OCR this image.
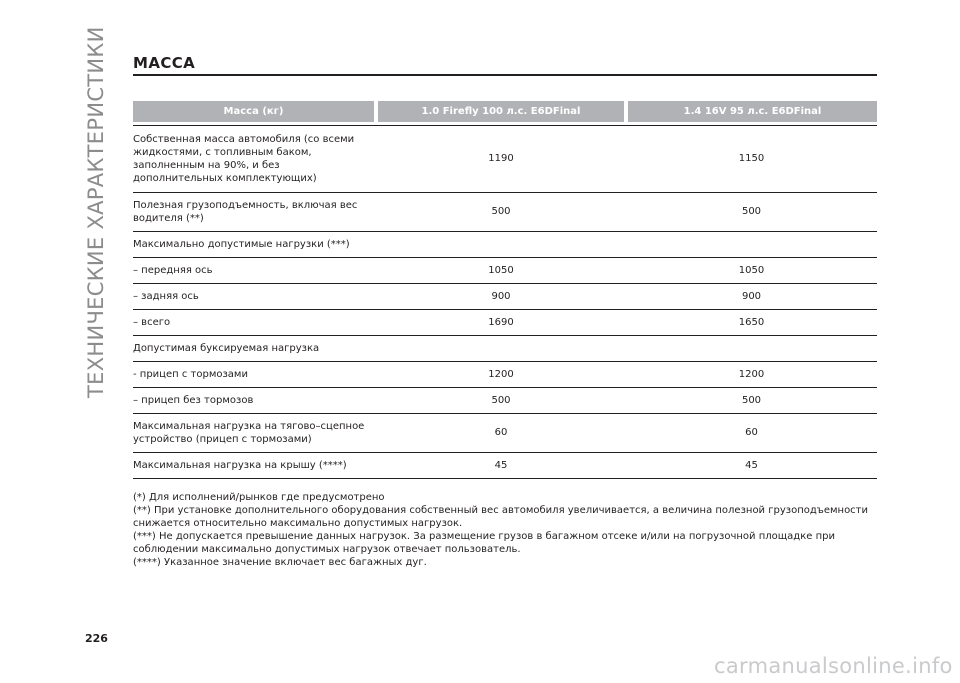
ТЕХНИЧЕСКИЕ ХАРАКТЕРИСТИКИ МАССА
Масса (кг)	1.0 Firefly 100 л.с. E6DFinal	1.4 16V 95 л.с. E6DFinal

Собственная масса автомобиля (со всеми жидкостями, с топливным баком, заполненным на 90%, и без дополнительных комплектующих)	1190	1150
Полезная грузоподъемность, включая вес водителя (**)	500	500
Максимально допустимые нагрузки (***)		
– передняя ось	1050	1050
– задняя ось	900	900
– всего	1690	1650
Допустимая буксируемая нагрузка		
- прицеп с тормозами	1200	1200
– прицеп без тормозов	500	500
Максимальная нагрузка на тягово–сцепное устройство (прицеп с тормозами)	60	60
Максимальная нагрузка на крышу (****)	45	45

(*) Для исполнений/рынков где предусмотрено

(**) При установке дополнительного оборудования собственный вес автомобиля увеличивается, а величина полезной грузоподъемности снижается относительно максимально допустимых нагрузок.

(***) Не допускается превышение данных нагрузок. За размещение грузов в багажном отсеке и/или на погрузочной площадке при соблюдении максимально допустимых нагрузок отвечает пользователь.

(****) Указанное значение включает вес багажных дуг.

226
carmanualsonline.info
